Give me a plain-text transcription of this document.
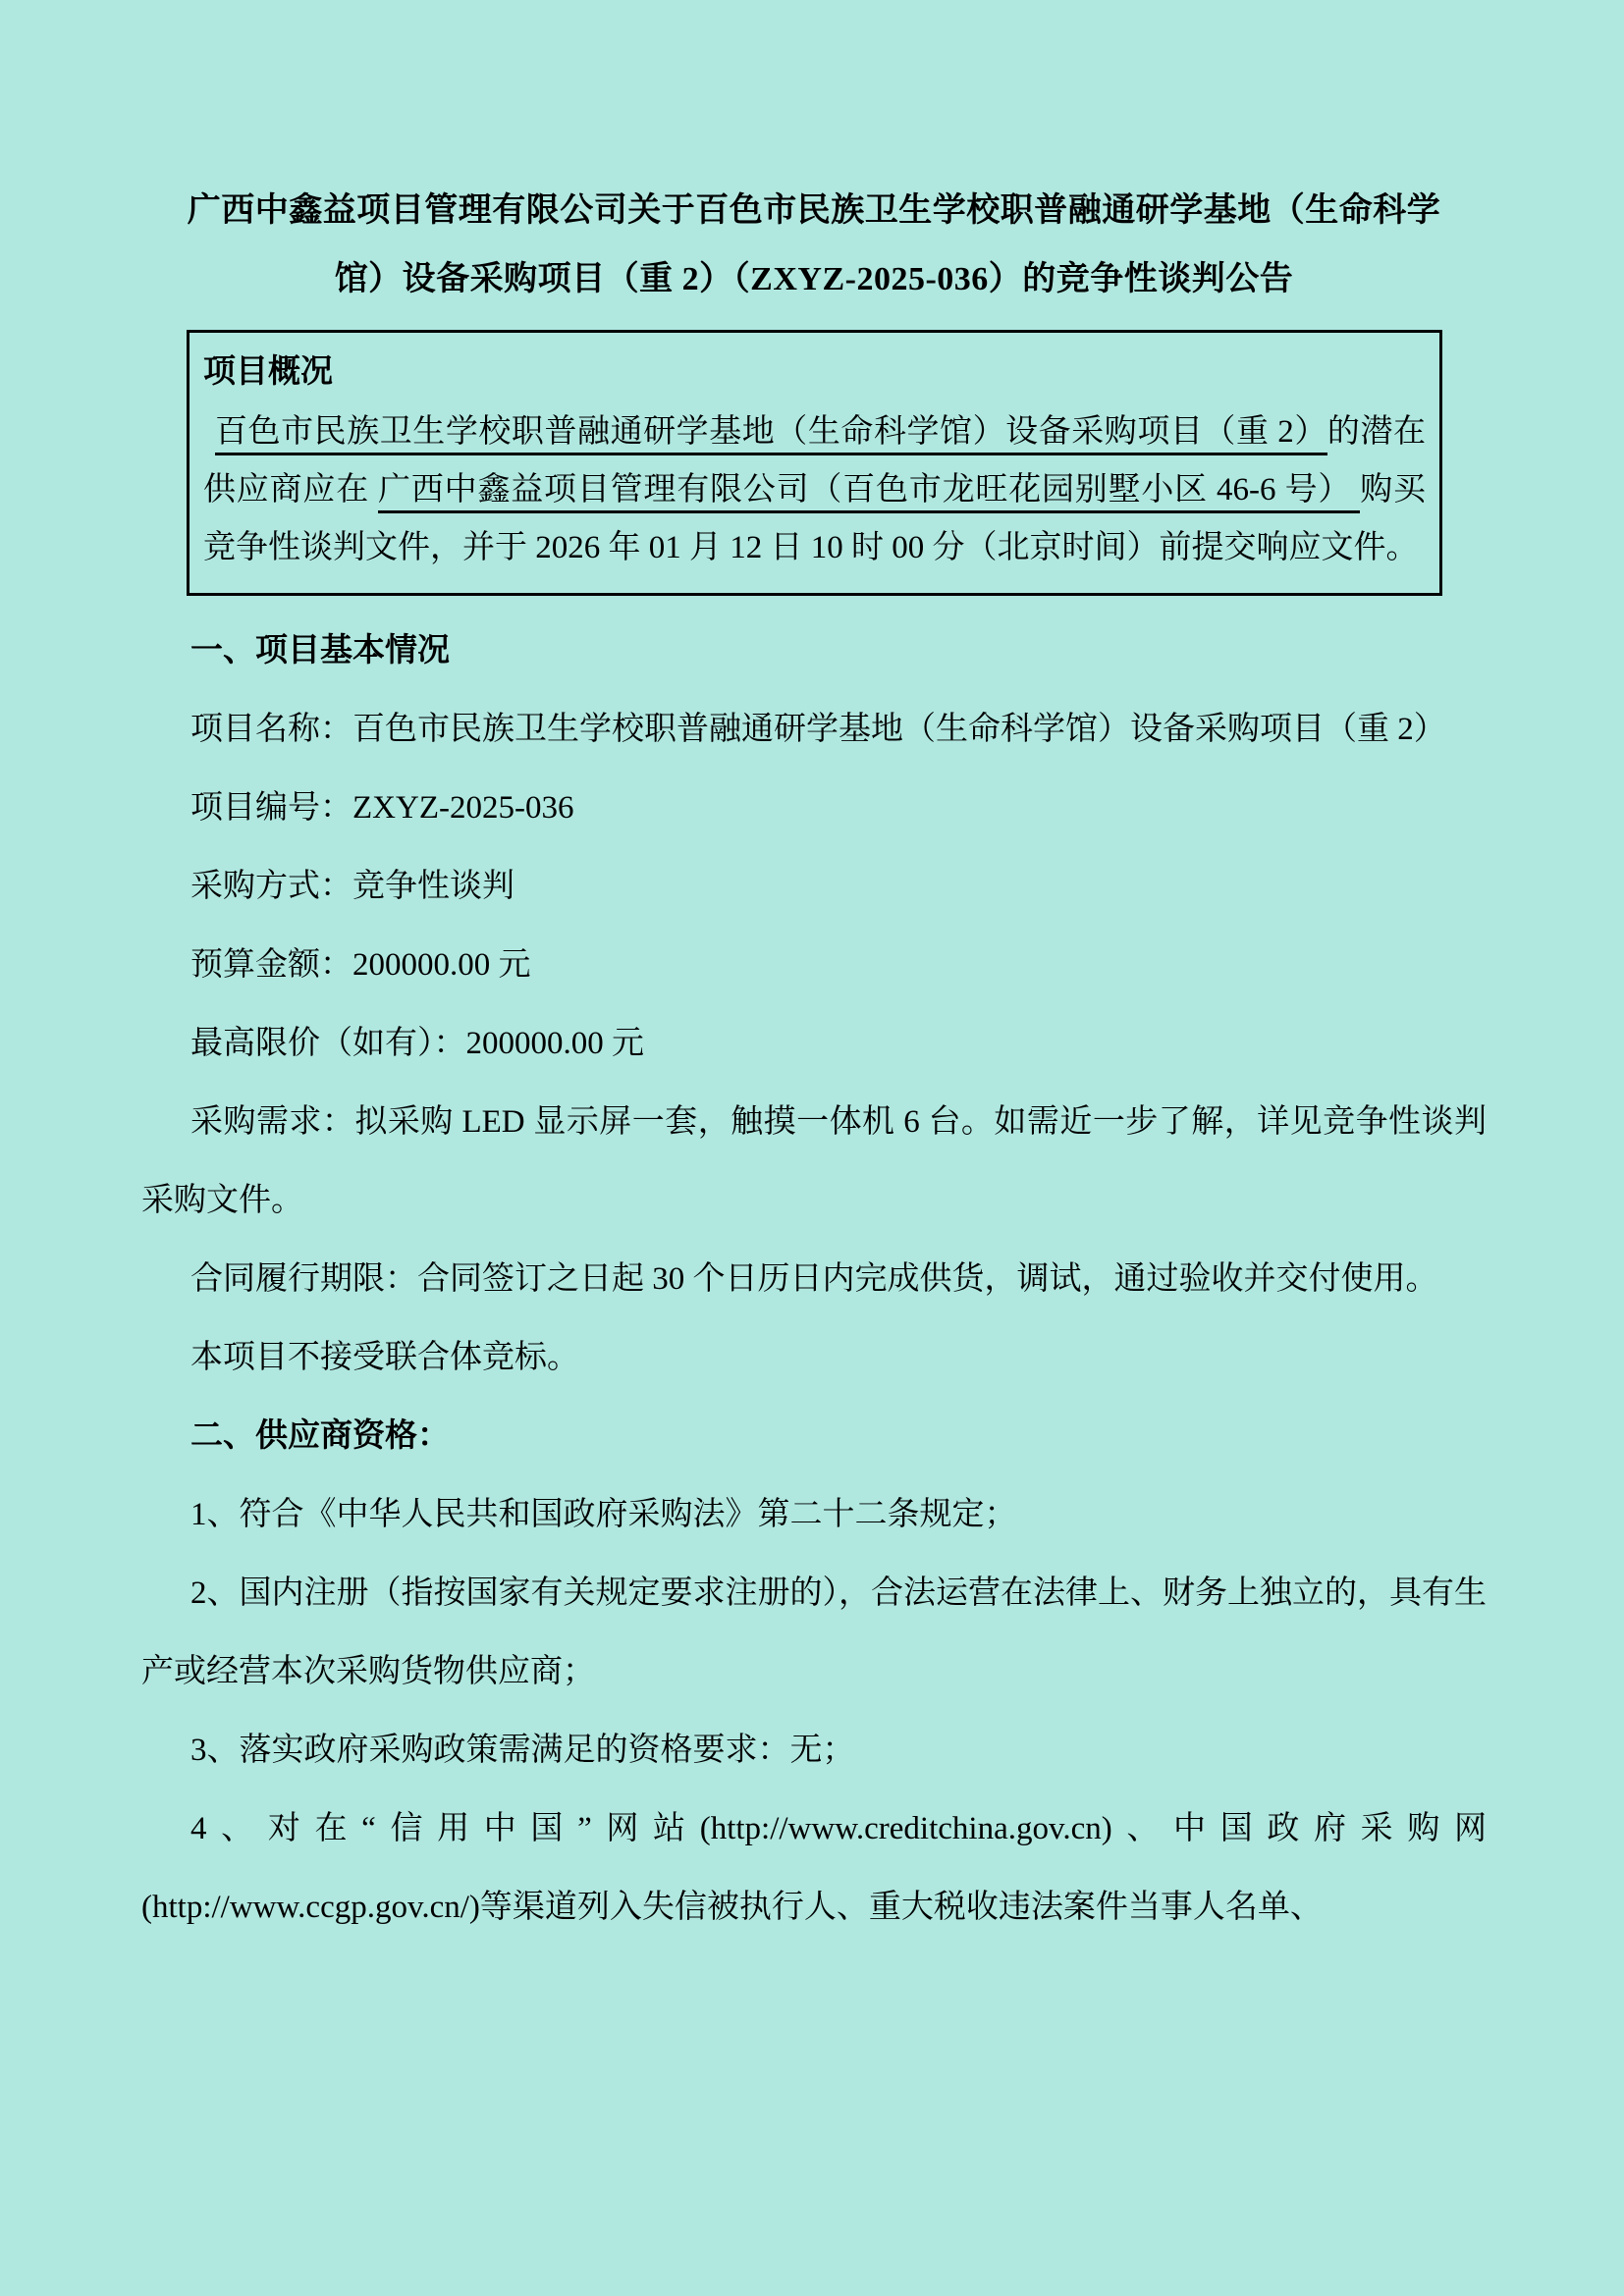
广西中鑫益项目管理有限公司关于百色市民族卫生学校职普融通研学基地（生命科学馆）设备采购项目（重 2）（ZXYZ-2025-036）的竞争性谈判公告
项目概况
百色市民族卫生学校职普融通研学基地（生命科学馆）设备采购项目（重 2）的潜在供应商应在 广西中鑫益项目管理有限公司（百色市龙旺花园别墅小区 46-6 号） 购买竞争性谈判文件，并于 2026 年 01 月 12 日 10 时 00 分（北京时间）前提交响应文件。

一、项目基本情况

项目名称：百色市民族卫生学校职普融通研学基地（生命科学馆）设备采购项目（重 2）

项目编号：ZXYZ-2025-036

采购方式：竞争性谈判

预算金额：200000.00 元

最高限价（如有）：200000.00 元

采购需求：拟采购 LED 显示屏一套，触摸一体机 6 台。如需近一步了解，详见竞争性谈判采购文件。

合同履行期限：合同签订之日起 30 个日历日内完成供货，调试，通过验收并交付使用。

本项目不接受联合体竞标。

二、供应商资格：

1、符合《中华人民共和国政府采购法》第二十二条规定；

2、国内注册（指按国家有关规定要求注册的），合法运营在法律上、财务上独立的，具有生产或经营本次采购货物供应商；

3、落实政府采购政策需满足的资格要求：无；

4、对在“信用中国”网站(http://www.creditchina.gov.cn)、中国政府采购网(http://www.ccgp.gov.cn/)等渠道列入失信被执行人、重大税收违法案件当事人名单、
